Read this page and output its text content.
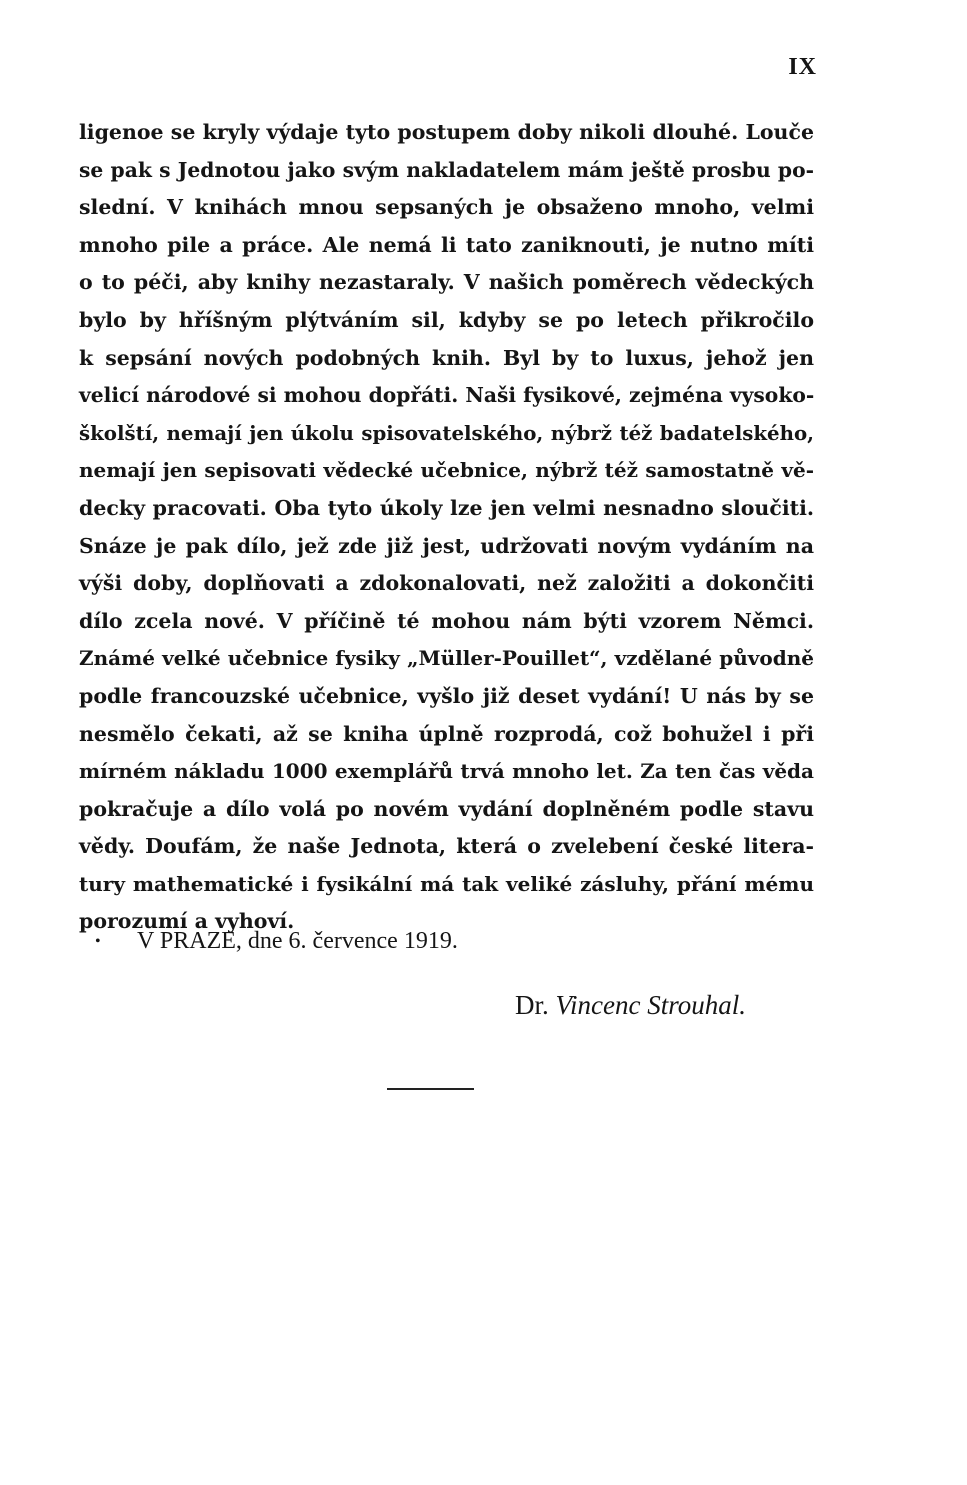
IX
ligenoe se kryly výdaje tyto postupem doby nikoli dlouhé. Louče
se pak s Jednotou jako svým nakladatelem mám ještě prosbu po-
slední. V knihách mnou sepsaných je obsaženo mnoho, velmi
mnoho pile a práce. Ale nemá li tato zaniknouti, je nutno míti
o to péči, aby knihy nezastaraly. V našich poměrech vědeckých
bylo by hříšným plýtváním sil, kdyby se po letech přikročilo
k sepsání nových podobných knih. Byl by to luxus, jehož jen
velicí národové si mohou dopřáti. Naši fysikové, zejména vysoko-
školští, nemají jen úkolu spisovatelského, nýbrž též badatelského,
nemají jen sepisovati vědecké učebnice, nýbrž též samostatně vě-
decky pracovati. Oba tyto úkoly lze jen velmi nesnadno sloučiti.
Snáze je pak dílo, jež zde již jest, udržovati novým vydáním na
výši doby, doplňovati a zdokonalovati, než založiti a dokončiti
dílo zcela nové. V příčině té mohou nám býti vzorem Němci.
Známé velké učebnice fysiky „Müller-Pouillet“, vzdělané původně
podle francouzské učebnice, vyšlo již deset vydání! U nás by se
nesmělo čekati, až se kniha úplně rozprodá, což bohužel i při
mírném nákladu 1000 exemplářů trvá mnoho let. Za ten čas věda
pokračuje a dílo volá po novém vydání doplněném podle stavu
vědy. Doufám, že naše Jednota, která o zvelebení české litera-
tury mathematické i fysikální má tak veliké zásluhy, přání mému
porozumí a vyhoví.
• V PRAZE, dne 6. července 1919.
Dr. Vincenc Strouhal.
